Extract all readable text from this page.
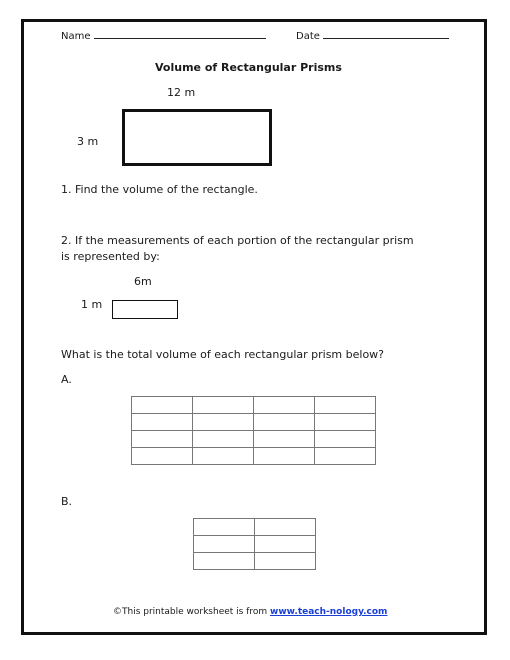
Name	Date
Volume of Rectangular Prisms
12 m
3 m
1. Find the volume of the rectangle.
2. If the measurements of each portion of the rectangular prism
is represented by:
6m
1 m
What is the total volume of each rectangular prism below?
A.

B.

©This printable worksheet is from www.teach-nology.com
